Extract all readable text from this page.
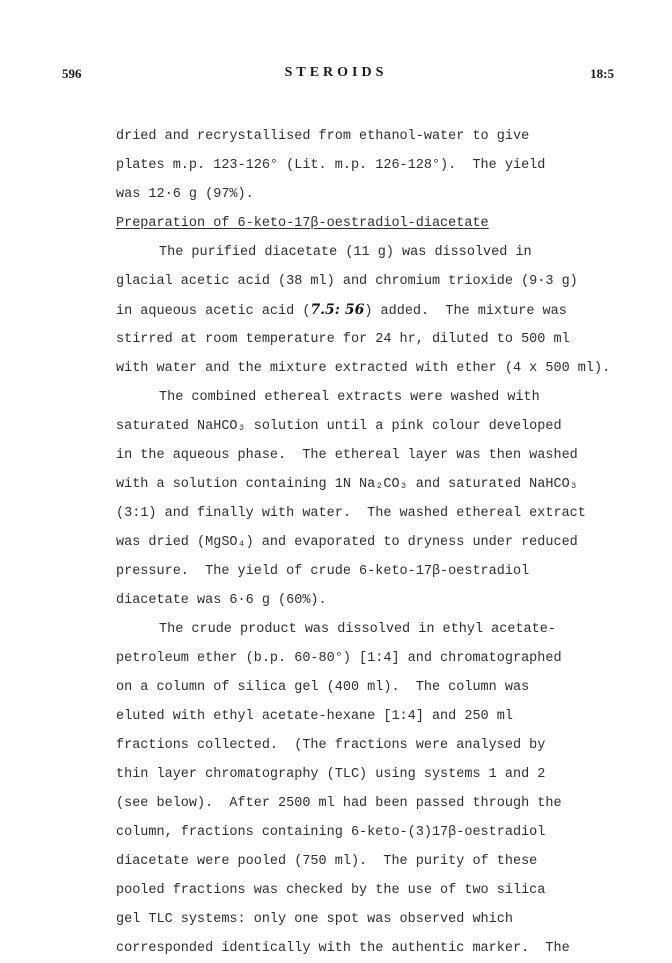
596	STEROIDS	18:5
dried and recrystallised from ethanol-water to give
plates m.p. 123-126° (Lit. m.p. 126-128°).  The yield
was 12·6 g (97%).
Preparation of 6-keto-17β-oestradiol-diacetate
The purified diacetate (11 g) was dissolved in
glacial acetic acid (38 ml) and chromium trioxide (9·3 g)
in aqueous acetic acid (7.5: 56) added.  The mixture was
stirred at room temperature for 24 hr, diluted to 500 ml
with water and the mixture extracted with ether (4 x 500 ml).
The combined ethereal extracts were washed with
saturated NaHCO₃ solution until a pink colour developed
in the aqueous phase.  The ethereal layer was then washed
with a solution containing 1N Na₂CO₃ and saturated NaHCO₃
(3:1) and finally with water.  The washed ethereal extract
was dried (MgSO₄) and evaporated to dryness under reduced
pressure.  The yield of crude 6-keto-17β-oestradiol
diacetate was 6·6 g (60%).
The crude product was dissolved in ethyl acetate-
petroleum ether (b.p. 60-80°) [1:4] and chromatographed
on a column of silica gel (400 ml).  The column was
eluted with ethyl acetate-hexane [1:4] and 250 ml
fractions collected.  (The fractions were analysed by
thin layer chromatography (TLC) using systems 1 and 2
(see below).  After 2500 ml had been passed through the
column, fractions containing 6-keto-(3)17β-oestradiol
diacetate were pooled (750 ml).  The purity of these
pooled fractions was checked by the use of two silica
gel TLC systems: only one spot was observed which
corresponded identically with the authentic marker.  The
